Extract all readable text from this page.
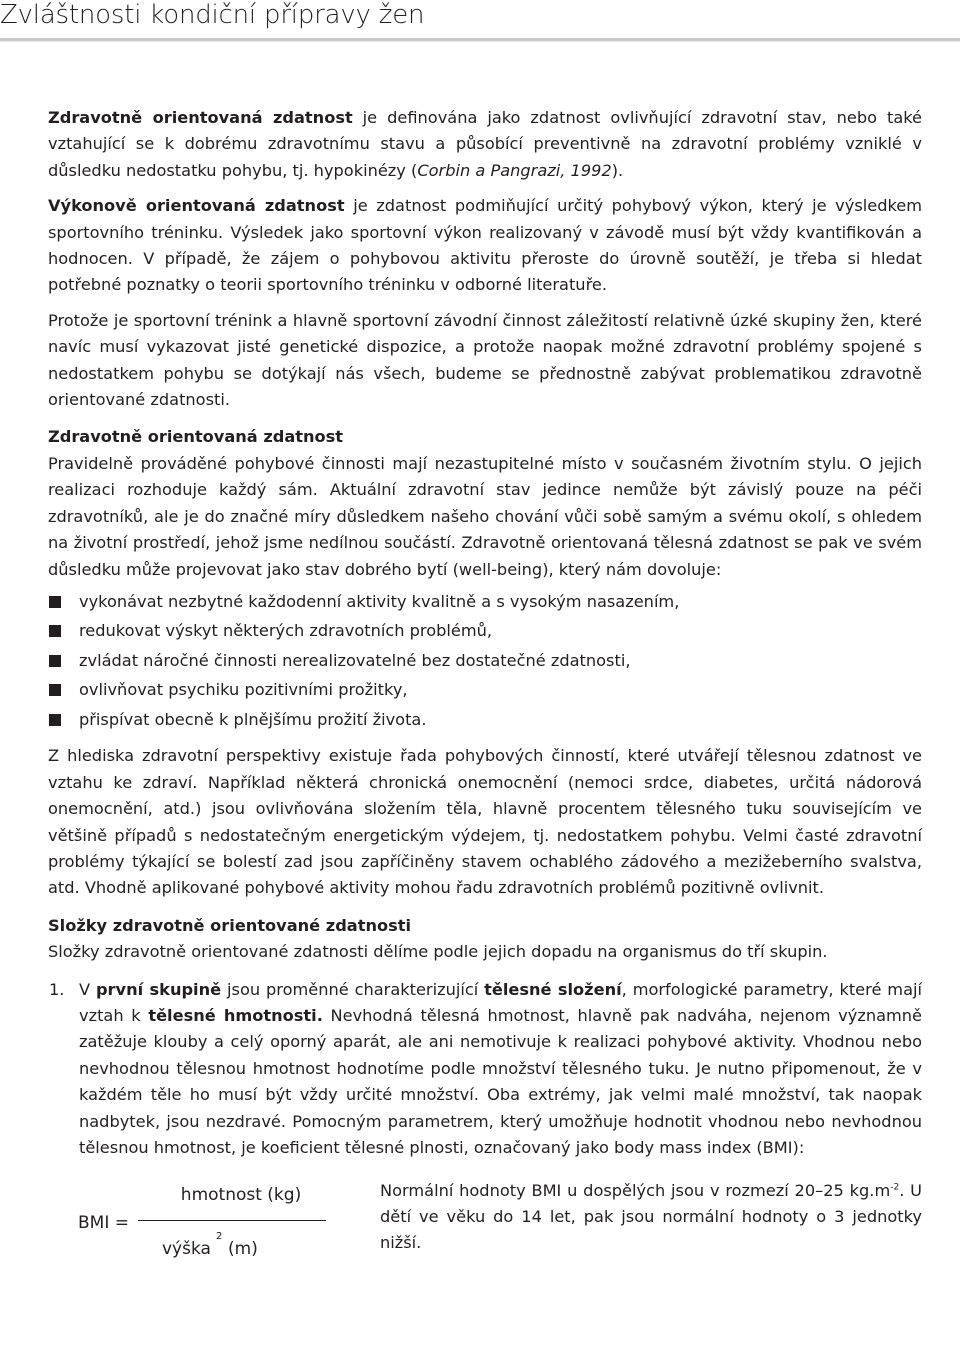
Zvláštnosti kondiční přípravy žen

Zdravotně orientovaná zdatnost je definována jako zdatnost ovlivňující zdravotní stav, nebo také vztahující se k dobrému zdravotnímu stavu a působící preventivně na zdravotní problémy vzniklé v důsledku nedostatku pohybu, tj. hypokinézy (Corbin a Pangrazi, 1992).

Výkonově orientovaná zdatnost je zdatnost podmiňující určitý pohybový výkon, který je výsledkem sportovního tréninku. Výsledek jako sportovní výkon realizovaný v závodě musí být vždy kvantifikován a hodnocen. V případě, že zájem o pohybovou aktivitu přeroste do úrovně soutěží, je třeba si hledat potřebné poznatky o teorii sportovního tréninku v odborné literatuře.

Protože je sportovní trénink a hlavně sportovní závodní činnost záležitostí relativně úzké skupiny žen, které navíc musí vykazovat jisté genetické dispozice, a protože naopak možné zdravotní problémy spojené s nedostatkem pohybu se dotýkají nás všech, budeme se přednostně zabývat problematikou zdravotně orientované zdatnosti.

Zdravotně orientovaná zdatnost

Pravidelně prováděné pohybové činnosti mají nezastupitelné místo v současném životním stylu. O jejich realizaci rozhoduje každý sám. Aktuální zdravotní stav jedince nemůže být závislý pouze na péči zdravotníků, ale je do značné míry důsledkem našeho chování vůči sobě samým a svému okolí, s ohledem na životní prostředí, jehož jsme nedílnou součástí. Zdravotně orientovaná tělesná zdatnost se pak ve svém důsledku může projevovat jako stav dobrého bytí (well-being), který nám dovoluje:

vykonávat nezbytné každodenní aktivity kvalitně a s vysokým nasazením,
redukovat výskyt některých zdravotních problémů,
zvládat náročné činnosti nerealizovatelné bez dostatečné zdatnosti,
ovlivňovat psychiku pozitivními prožitky,
přispívat obecně k plnějšímu prožití života.

Z hlediska zdravotní perspektivy existuje řada pohybových činností, které utvářejí tělesnou zdatnost ve vztahu ke zdraví. Například některá chronická onemocnění (nemoci srdce, diabetes, určitá nádorová onemocnění, atd.) jsou ovlivňována složením těla, hlavně procentem tělesného tuku souvisejícím ve většině případů s nedostatečným energetickým výdejem, tj. nedostatkem pohybu. Velmi časté zdravotní problémy týkající se bolestí zad jsou zapříčiněny stavem ochablého zádového a mezižeberního svalstva, atd. Vhodně aplikované pohybové aktivity mohou řadu zdravotních problémů pozitivně ovlivnit.

Složky zdravotně orientované zdatnosti

Složky zdravotně orientované zdatnosti dělíme podle jejich dopadu na organismus do tří skupin.

1. V první skupině jsou proměnné charakterizující tělesné složení, morfologické parametry, které mají vztah k tělesné hmotnosti. Nevhodná tělesná hmotnost, hlavně pak nadváha, nejenom významně zatěžuje klouby a celý oporný aparát, ale ani nemotivuje k realizaci pohybové aktivity. Vhodnou nebo nevhodnou tělesnou hmotnost hodnotíme podle množství tělesného tuku. Je nutno připomenout, že v každém těle ho musí být vždy určité množství. Oba extrémy, jak velmi malé množství, tak naopak nadbytek, jsou nezdravé. Pomocným parametrem, který umožňuje hodnotit vhodnou nebo nevhodnou tělesnou hmotnost, je koeficient tělesné plnosti, označovaný jako body mass index (BMI):
hmotnost (kg)
BMI =
výška
2
(m)

Normální hodnoty BMI u dospělých jsou v rozmezí 20–25 $kg.m^{-2}$. U dětí ve věku do 14 let, pak jsou normální hodnoty o 3 jednotky nižší.
